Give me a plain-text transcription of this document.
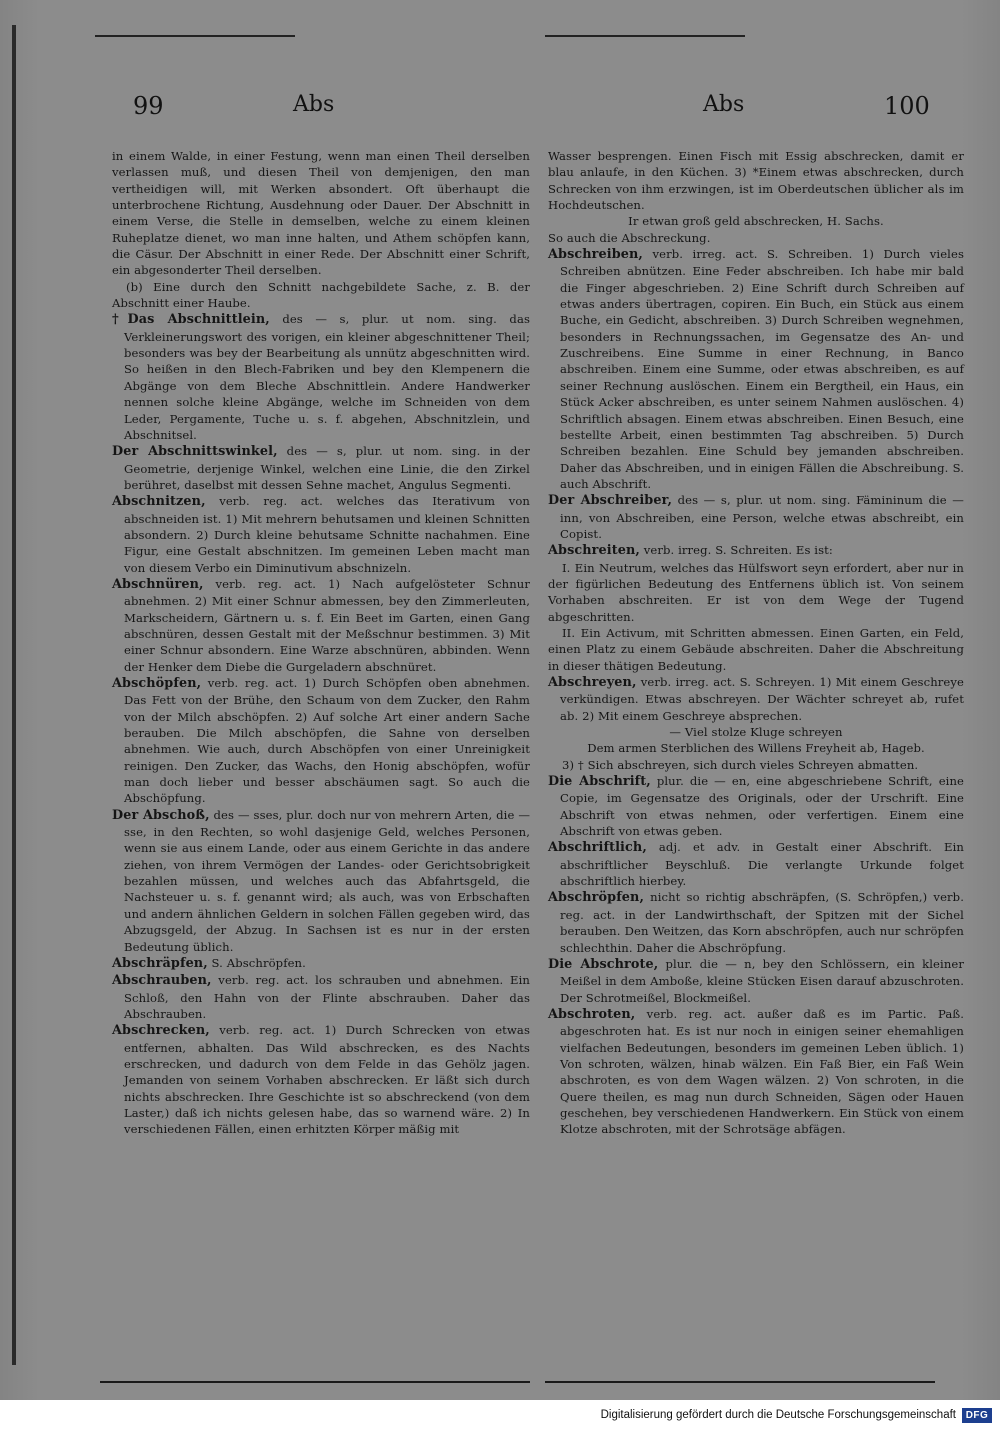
99	Abs	Abs	100

in einem Walde, in einer Festung, wenn man einen Theil derselben verlassen muß, und diesen Theil von demjenigen, den man vertheidigen will, mit Werken absondert. Oft überhaupt die unterbrochene Richtung, Ausdehnung oder Dauer. Der Abschnitt in einem Verse, die Stelle in demselben, welche zu einem kleinen Ruheplatze dienet, wo man inne halten, und Athem schöpfen kann, die Cäsur. Der Abschnitt in einer Rede. Der Abschnitt einer Schrift, ein abgesonderter Theil derselben.

(b) Eine durch den Schnitt nachgebildete Sache, z. B. der Abschnitt einer Haube.

†Das Abschnittlein, des — s, plur. ut nom. sing. das Verkleinerungswort des vorigen, ein kleiner abgeschnittener Theil; besonders was bey der Bearbeitung als unnütz abgeschnitten wird. So heißen in den Blech-Fabriken und bey den Klempenern die Abgänge von dem Bleche Abschnittlein. Andere Handwerker nennen solche kleine Abgänge, welche im Schneiden von dem Leder, Pergamente, Tuche u. s. f. abgehen, Abschnitzlein, und Abschnitsel.

Der Abschnittswinkel, des — s, plur. ut nom. sing. in der Geometrie, derjenige Winkel, welchen eine Linie, die den Zirkel berühret, daselbst mit dessen Sehne machet, Angulus Segmenti.

Abschnitzen, verb. reg. act. welches das Iterativum von abschneiden ist. 1) Mit mehrern behutsamen und kleinen Schnitten absondern. 2) Durch kleine behutsame Schnitte nachahmen. Eine Figur, eine Gestalt abschnitzen. Im gemeinen Leben macht man von diesem Verbo ein Diminutivum abschnizeln.

Abschnüren, verb. reg. act. 1) Nach aufgelösteter Schnur abnehmen. 2) Mit einer Schnur abmessen, bey den Zimmerleuten, Markscheidern, Gärtnern u. s. f. Ein Beet im Garten, einen Gang abschnüren, dessen Gestalt mit der Meßschnur bestimmen. 3) Mit einer Schnur absondern. Eine Warze abschnüren, abbinden. Wenn der Henker dem Diebe die Gurgeladern abschnüret.

Abschöpfen, verb. reg. act. 1) Durch Schöpfen oben abnehmen. Das Fett von der Brühe, den Schaum von dem Zucker, den Rahm von der Milch abschöpfen. 2) Auf solche Art einer andern Sache berauben. Die Milch abschöpfen, die Sahne von derselben abnehmen. Wie auch, durch Abschöpfen von einer Unreinigkeit reinigen. Den Zucker, das Wachs, den Honig abschöpfen, wofür man doch lieber und besser abschäumen sagt. So auch die Abschöpfung.

Der Abschoß, des — sses, plur. doch nur von mehrern Arten, die — sse, in den Rechten, so wohl dasjenige Geld, welches Personen, wenn sie aus einem Lande, oder aus einem Gerichte in das andere ziehen, von ihrem Vermögen der Landes- oder Gerichtsobrigkeit bezahlen müssen, und welches auch das Abfahrtsgeld, die Nachsteuer u. s. f. genannt wird; als auch, was von Erbschaften und andern ähnlichen Geldern in solchen Fällen gegeben wird, das Abzugsgeld, der Abzug. In Sachsen ist es nur in der ersten Bedeutung üblich.

Abschräpfen, S. Abschröpfen.

Abschrauben, verb. reg. act. los schrauben und abnehmen. Ein Schloß, den Hahn von der Flinte abschrauben. Daher das Abschrauben.

Abschrecken, verb. reg. act. 1) Durch Schrecken von etwas entfernen, abhalten. Das Wild abschrecken, es des Nachts erschrecken, und dadurch von dem Felde in das Gehölz jagen. Jemanden von seinem Vorhaben abschrecken. Er läßt sich durch nichts abschrecken. Ihre Geschichte ist so abschreckend (von dem Laster,) daß ich nichts gelesen habe, das so warnend wäre. 2) In verschiedenen Fällen, einen erhitzten Körper mäßig mit

Wasser besprengen. Einen Fisch mit Essig abschrecken, damit er blau anlaufe, in den Küchen. 3) *Einem etwas abschrecken, durch Schrecken von ihm erzwingen, ist im Oberdeutschen üblicher als im Hochdeutschen.

Ir etwan groß geld abschrecken, H. Sachs.

So auch die Abschreckung.

Abschreiben, verb. irreg. act. S. Schreiben. 1) Durch vieles Schreiben abnützen. Eine Feder abschreiben. Ich habe mir bald die Finger abgeschrieben. 2) Eine Schrift durch Schreiben auf etwas anders übertragen, copiren. Ein Buch, ein Stück aus einem Buche, ein Gedicht, abschreiben. 3) Durch Schreiben wegnehmen, besonders in Rechnungssachen, im Gegensatze des An- und Zuschreibens. Eine Summe in einer Rechnung, in Banco abschreiben. Einem eine Summe, oder etwas abschreiben, es auf seiner Rechnung auslöschen. Einem ein Bergtheil, ein Haus, ein Stück Acker abschreiben, es unter seinem Nahmen auslöschen. 4) Schriftlich absagen. Einem etwas abschreiben. Einen Besuch, eine bestellte Arbeit, einen bestimmten Tag abschreiben. 5) Durch Schreiben bezahlen. Eine Schuld bey jemanden abschreiben. Daher das Abschreiben, und in einigen Fällen die Abschreibung. S. auch Abschrift.

Der Abschreiber, des — s, plur. ut nom. sing. Fämininum die — inn, von Abschreiben, eine Person, welche etwas abschreibt, ein Copist.

Abschreiten, verb. irreg. S. Schreiten. Es ist:

I. Ein Neutrum, welches das Hülfswort seyn erfordert, aber nur in der figürlichen Bedeutung des Entfernens üblich ist. Von seinem Vorhaben abschreiten. Er ist von dem Wege der Tugend abgeschritten.

II. Ein Activum, mit Schritten abmessen. Einen Garten, ein Feld, einen Platz zu einem Gebäude abschreiten. Daher die Abschreitung in dieser thätigen Bedeutung.

Abschreyen, verb. irreg. act. S. Schreyen. 1) Mit einem Geschreye verkündigen. Etwas abschreyen. Der Wächter schreyet ab, rufet ab. 2) Mit einem Geschreye absprechen.

— Viel stolze Kluge schreyen

Dem armen Sterblichen des Willens Freyheit ab, Hageb.

3) † Sich abschreyen, sich durch vieles Schreyen abmatten.

Die Abschrift, plur. die — en, eine abgeschriebene Schrift, eine Copie, im Gegensatze des Originals, oder der Urschrift. Eine Abschrift von etwas nehmen, oder verfertigen. Einem eine Abschrift von etwas geben.

Abschriftlich, adj. et adv. in Gestalt einer Abschrift. Ein abschriftlicher Beyschluß. Die verlangte Urkunde folget abschriftlich hierbey.

Abschröpfen, nicht so richtig abschräpfen, (S. Schröpfen,) verb. reg. act. in der Landwirthschaft, der Spitzen mit der Sichel berauben. Den Weitzen, das Korn abschröpfen, auch nur schröpfen schlechthin. Daher die Abschröpfung.

Die Abschrote, plur. die — n, bey den Schlössern, ein kleiner Meißel in dem Amboße, kleine Stücken Eisen darauf abzuschroten. Der Schrotmeißel, Blockmeißel.

Abschroten, verb. reg. act. außer daß es im Partic. Paß. abgeschroten hat. Es ist nur noch in einigen seiner ehemahligen vielfachen Bedeutungen, besonders im gemeinen Leben üblich. 1) Von schroten, wälzen, hinab wälzen. Ein Faß Bier, ein Faß Wein abschroten, es von dem Wagen wälzen. 2) Von schroten, in die Quere theilen, es mag nun durch Schneiden, Sägen oder Hauen geschehen, bey verschiedenen Handwerkern. Ein Stück von einem Klotze abschroten, mit der Schrotsäge abfägen.

Digitalisierung gefördert durch die Deutsche Forschungsgemeinschaft DFG
